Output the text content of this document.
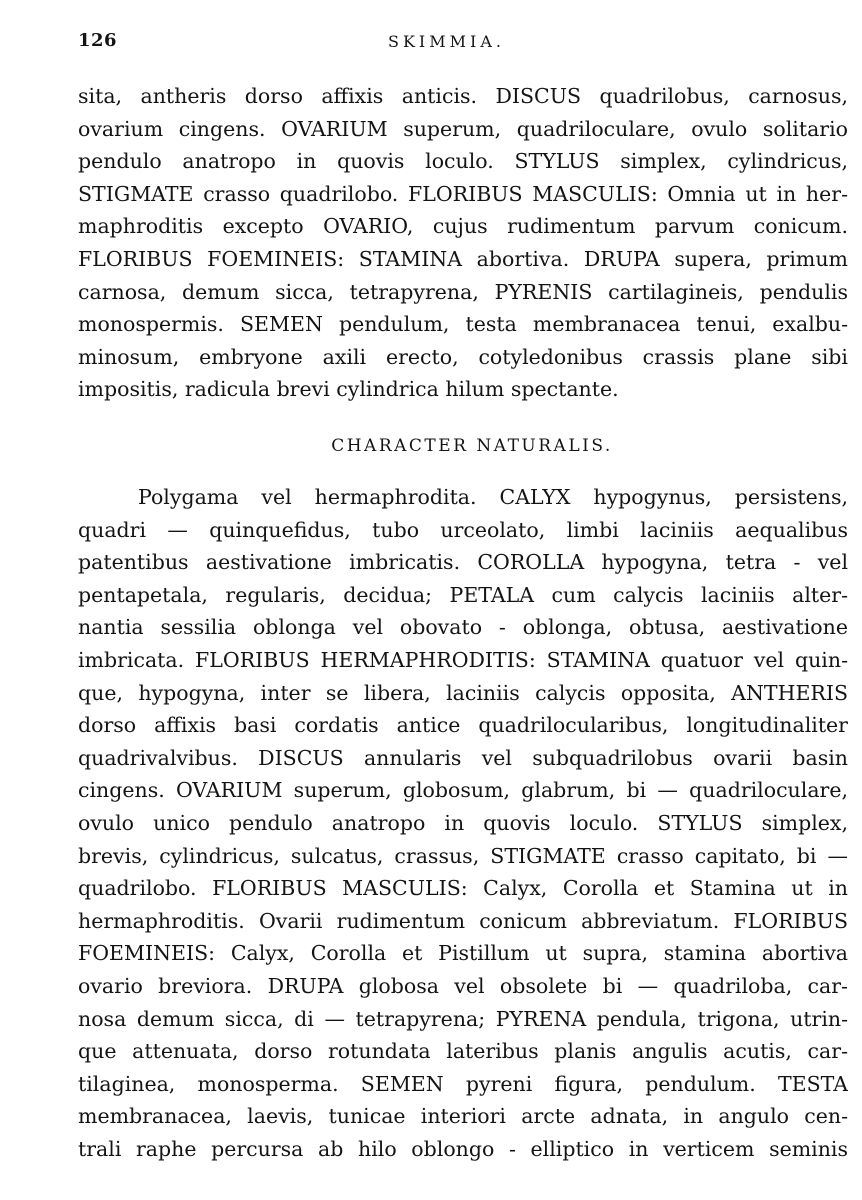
126	SKIMMIA.
sita, antheris dorso affixis anticis. DISCUS quadrilobus, carnosus,
ovarium cingens. OVARIUM superum, quadriloculare, ovulo solitario
pendulo anatropo in quovis loculo. STYLUS simplex, cylindricus,
STIGMATE crasso quadrilobo. FLORIBUS MASCULIS: Omnia ut in her-
maphroditis excepto OVARIO, cujus rudimentum parvum conicum.
FLORIBUS FOEMINEIS: STAMINA abortiva. DRUPA supera, primum
carnosa, demum sicca, tetrapyrena, PYRENIS cartilagineis, pendulis
monospermis. SEMEN pendulum, testa membranacea tenui, exalbu-
minosum, embryone axili erecto, cotyledonibus crassis plane sibi
impositis, radicula brevi cylindrica hilum spectante.
CHARACTER NATURALIS.
Polygama vel hermaphrodita. CALYX hypogynus, persistens,
quadri — quinquefidus, tubo urceolato, limbi laciniis aequalibus
patentibus aestivatione imbricatis. COROLLA hypogyna, tetra - vel
pentapetala, regularis, decidua; PETALA cum calycis laciniis alter-
nantia sessilia oblonga vel obovato - oblonga, obtusa, aestivatione
imbricata. FLORIBUS HERMAPHRODITIS: STAMINA quatuor vel quin-
que, hypogyna, inter se libera, laciniis calycis opposita, ANTHERIS
dorso affixis basi cordatis antice quadrilocularibus, longitudinaliter
quadrivalvibus. DISCUS annularis vel subquadrilobus ovarii basin
cingens. OVARIUM superum, globosum, glabrum, bi — quadriloculare,
ovulo unico pendulo anatropo in quovis loculo. STYLUS simplex,
brevis, cylindricus, sulcatus, crassus, STIGMATE crasso capitato, bi —
quadrilobo. FLORIBUS MASCULIS: Calyx, Corolla et Stamina ut in
hermaphroditis. Ovarii rudimentum conicum abbreviatum. FLORIBUS
FOEMINEIS: Calyx, Corolla et Pistillum ut supra, stamina abortiva
ovario breviora. DRUPA globosa vel obsolete bi — quadriloba, car-
nosa demum sicca, di — tetrapyrena; PYRENA pendula, trigona, utrin-
que attenuata, dorso rotundata lateribus planis angulis acutis, car-
tilaginea, monosperma. SEMEN pyreni figura, pendulum. TESTA
membranacea, laevis, tunicae interiori arcte adnata, in angulo cen-
trali raphe percursa ab hilo oblongo - elliptico in verticem seminis
